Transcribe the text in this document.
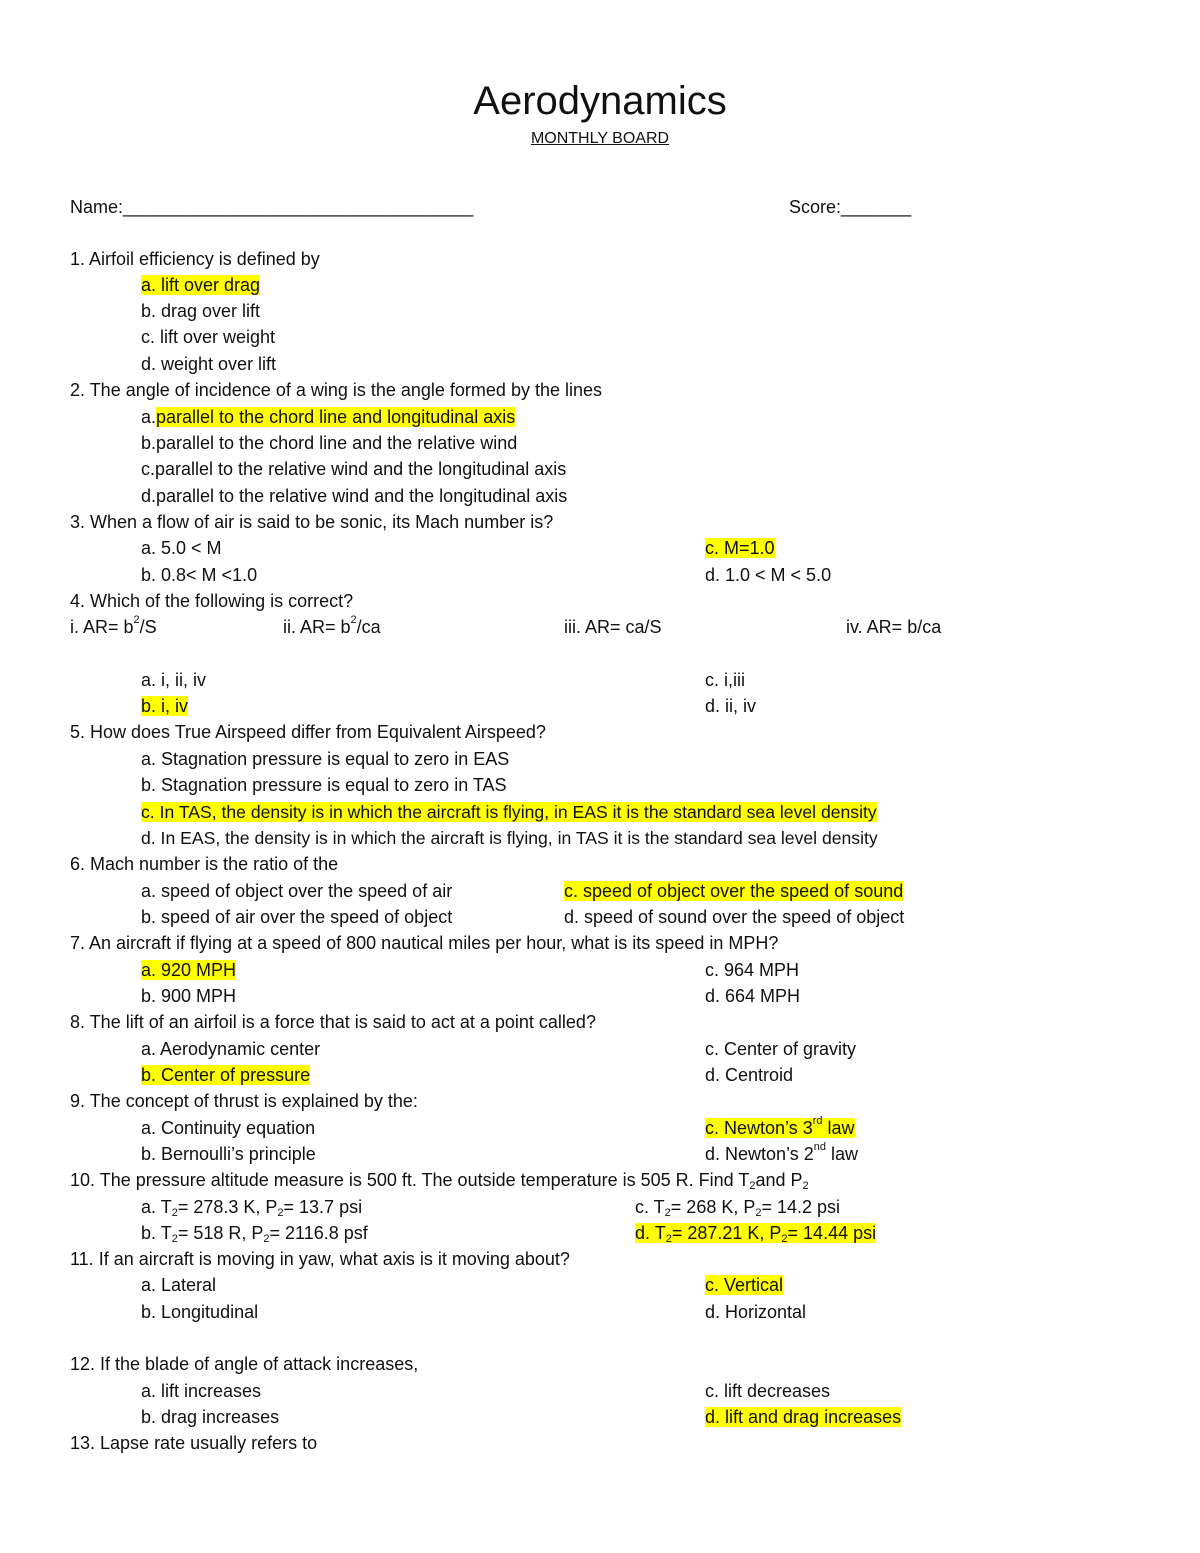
Aerodynamics
MONTHLY BOARD
Name:___________________________________	Score:_______
1. Airfoil efficiency is defined by
a. lift over drag
b. drag over lift
c. lift over weight
d. weight over lift
2. The angle of incidence of a wing is the angle formed by the lines
a.parallel to the chord line and longitudinal axis
b.parallel to the chord line and the relative wind
c.parallel to the relative wind and the longitudinal axis
d.parallel to the relative wind and the longitudinal axis
3. When a flow of air is said to be sonic, its Mach number is?
a. 5.0 < M	c. M=1.0
b. 0.8< M <1.0	d. 1.0 < M < 5.0
4. Which of the following is correct?
i. $AR= b^2/S$	ii. $AR= b^2/ca$	iii. AR= ca/S	iv. AR= b/ca
a. i, ii, iv	c. i,iii
b. i, iv	d. ii, iv
5. How does True Airspeed differ from Equivalent Airspeed?
a. Stagnation pressure is equal to zero in EAS
b. Stagnation pressure is equal to zero in TAS
c. In TAS, the density is in which the aircraft is flying, in EAS it is the standard sea level density
d. In EAS, the density is in which the aircraft is flying, in TAS it is the standard sea level density
6. Mach number is the ratio of the
a. speed of object over the speed of air	c. speed of object over the speed of sound
b. speed of air over the speed of object	d. speed of sound over the speed of object
7. An aircraft if flying at a speed of 800 nautical miles per hour, what is its speed in MPH?
a. 920 MPH	c. 964 MPH
b. 900 MPH	d. 664 MPH
8. The lift of an airfoil is a force that is said to act at a point called?
a. Aerodynamic center	c. Center of gravity
b. Center of pressure	d. Centroid
9. The concept of thrust is explained by the:
a. Continuity equation	c. Newton’s 3rd law
b. Bernoulli’s principle	d. Newton’s 2nd law
10. The pressure altitude measure is 500 ft. The outside temperature is 505 R. Find $T_2and$ $P_2$
a. $T_2= 278.3$ K, $P_2= 13.7$ psi	c. $T_2= 268$ K, $P_2= 14.2$ psi
b. $T_2= 518$ R, $P_2= 2116.8$ psf	d. $T_2= 287.21$ K, $P_2= 14.44$ psi
11. If an aircraft is moving in yaw, what axis is it moving about?
a. Lateral	c. Vertical
b. Longitudinal	d. Horizontal
12. If the blade of angle of attack increases,
a. lift increases	c. lift decreases
b. drag increases	d. lift and drag increases
13. Lapse rate usually refers to
